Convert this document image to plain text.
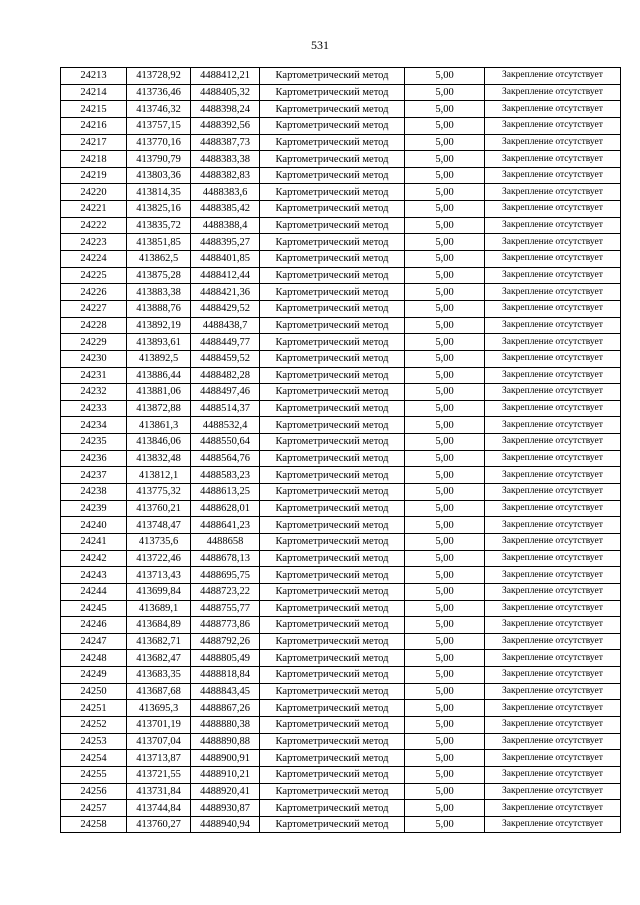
531
24213	413728,92	4488412,21	Картометрический метод	5,00	Закрепление отсутствует
24214	413736,46	4488405,32	Картометрический метод	5,00	Закрепление отсутствует
24215	413746,32	4488398,24	Картометрический метод	5,00	Закрепление отсутствует
24216	413757,15	4488392,56	Картометрический метод	5,00	Закрепление отсутствует
24217	413770,16	4488387,73	Картометрический метод	5,00	Закрепление отсутствует
24218	413790,79	4488383,38	Картометрический метод	5,00	Закрепление отсутствует
24219	413803,36	4488382,83	Картометрический метод	5,00	Закрепление отсутствует
24220	413814,35	4488383,6	Картометрический метод	5,00	Закрепление отсутствует
24221	413825,16	4488385,42	Картометрический метод	5,00	Закрепление отсутствует
24222	413835,72	4488388,4	Картометрический метод	5,00	Закрепление отсутствует
24223	413851,85	4488395,27	Картометрический метод	5,00	Закрепление отсутствует
24224	413862,5	4488401,85	Картометрический метод	5,00	Закрепление отсутствует
24225	413875,28	4488412,44	Картометрический метод	5,00	Закрепление отсутствует
24226	413883,38	4488421,36	Картометрический метод	5,00	Закрепление отсутствует
24227	413888,76	4488429,52	Картометрический метод	5,00	Закрепление отсутствует
24228	413892,19	4488438,7	Картометрический метод	5,00	Закрепление отсутствует
24229	413893,61	4488449,77	Картометрический метод	5,00	Закрепление отсутствует
24230	413892,5	4488459,52	Картометрический метод	5,00	Закрепление отсутствует
24231	413886,44	4488482,28	Картометрический метод	5,00	Закрепление отсутствует
24232	413881,06	4488497,46	Картометрический метод	5,00	Закрепление отсутствует
24233	413872,88	4488514,37	Картометрический метод	5,00	Закрепление отсутствует
24234	413861,3	4488532,4	Картометрический метод	5,00	Закрепление отсутствует
24235	413846,06	4488550,64	Картометрический метод	5,00	Закрепление отсутствует
24236	413832,48	4488564,76	Картометрический метод	5,00	Закрепление отсутствует
24237	413812,1	4488583,23	Картометрический метод	5,00	Закрепление отсутствует
24238	413775,32	4488613,25	Картометрический метод	5,00	Закрепление отсутствует
24239	413760,21	4488628,01	Картометрический метод	5,00	Закрепление отсутствует
24240	413748,47	4488641,23	Картометрический метод	5,00	Закрепление отсутствует
24241	413735,6	4488658	Картометрический метод	5,00	Закрепление отсутствует
24242	413722,46	4488678,13	Картометрический метод	5,00	Закрепление отсутствует
24243	413713,43	4488695,75	Картометрический метод	5,00	Закрепление отсутствует
24244	413699,84	4488723,22	Картометрический метод	5,00	Закрепление отсутствует
24245	413689,1	4488755,77	Картометрический метод	5,00	Закрепление отсутствует
24246	413684,89	4488773,86	Картометрический метод	5,00	Закрепление отсутствует
24247	413682,71	4488792,26	Картометрический метод	5,00	Закрепление отсутствует
24248	413682,47	4488805,49	Картометрический метод	5,00	Закрепление отсутствует
24249	413683,35	4488818,84	Картометрический метод	5,00	Закрепление отсутствует
24250	413687,68	4488843,45	Картометрический метод	5,00	Закрепление отсутствует
24251	413695,3	4488867,26	Картометрический метод	5,00	Закрепление отсутствует
24252	413701,19	4488880,38	Картометрический метод	5,00	Закрепление отсутствует
24253	413707,04	4488890,88	Картометрический метод	5,00	Закрепление отсутствует
24254	413713,87	4488900,91	Картометрический метод	5,00	Закрепление отсутствует
24255	413721,55	4488910,21	Картометрический метод	5,00	Закрепление отсутствует
24256	413731,84	4488920,41	Картометрический метод	5,00	Закрепление отсутствует
24257	413744,84	4488930,87	Картометрический метод	5,00	Закрепление отсутствует
24258	413760,27	4488940,94	Картометрический метод	5,00	Закрепление отсутствует
